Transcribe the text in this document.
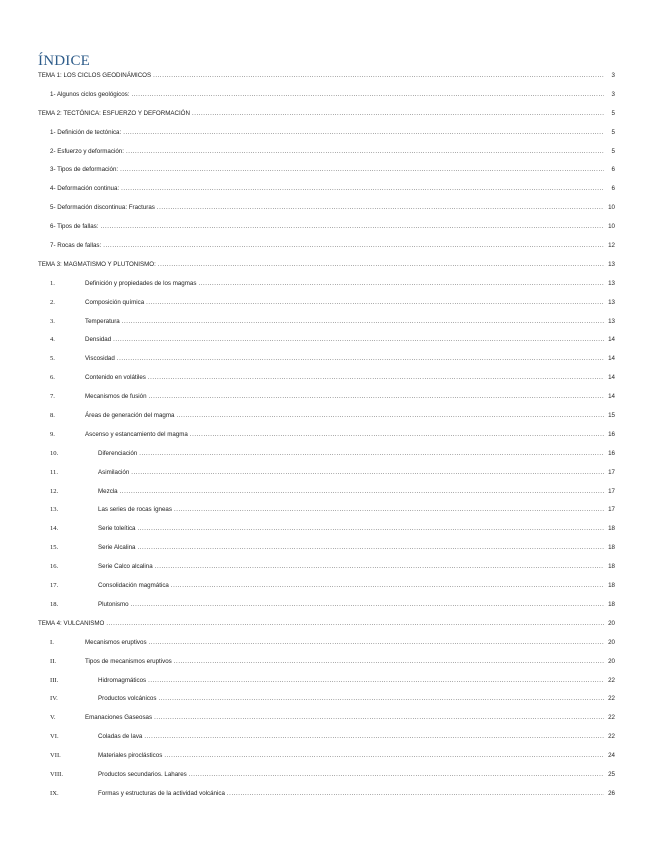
ÍNDICE
TEMA 1: LOS CICLOS GEODINÁMICOS .....	3
1- Algunos ciclos geológicos: .....	3
TEMA 2: TECTÓNICA: ESFUERZO Y DEFORMACIÓN .....	5
1- Definición de tectónica: .....	5
2- Esfuerzo y deformación: .....	5
3- Tipos de deformación: .....	6
4- Deformación continua: .....	6
5- Deformación discontinua: Fracturas .....	10
6- Tipos de fallas: .....	10
7- Rocas de fallas: .....	12
TEMA 3: MAGMATISMO Y PLUTONISMO: .....	13
1.	Definición y propiedades de los magmas .....	13
2.	Composición química .....	13
3.	Temperatura .....	13
4.	Densidad .....	14
5.	Viscosidad .....	14
6.	Contenido en volátiles .....	14
7.	Mecanismos de fusión .....	14
8.	Áreas de generación del magma .....	15
9.	Ascenso y estancamiento del magma .....	16
10.	Diferenciación .....	16
11.	Asimilación .....	17
12.	Mezcla .....	17
13.	Las series de rocas ígneas .....	17
14.	Serie toleítica .....	18
15.	Serie Alcalina .....	18
16.	Serie Calco alcalina .....	18
17.	Consolidación magmática .....	18
18.	Plutonismo .....	18
TEMA 4: VULCANISMO .....	20
I.	Mecanismos eruptivos .....	20
II.	Tipos de mecanismos eruptivos .....	20
III.	Hidromagmáticos .....	22
IV.	Productos volcánicos .....	22
V.	Emanaciones Gaseosas .....	22
VI.	Coladas de lava .....	22
VII.	Materiales piroclásticos .....	24
VIII.	Productos secundarios. Lahares .....	25
IX.	Formas y estructuras de la actividad volcánica .....	26
